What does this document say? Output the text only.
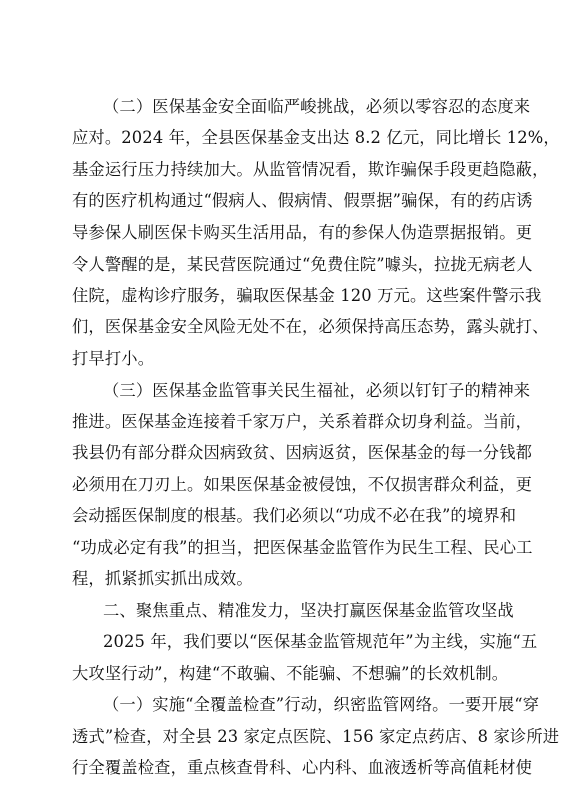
（二）医保基金安全面临严峻挑战，必须以零容忍的态度来
应对。2024 年，全县医保基金支出达 8.2 亿元，同比增长 12%，
基金运行压力持续加大。从监管情况看，欺诈骗保手段更趋隐蔽，
有的医疗机构通过“假病人、假病情、假票据”骗保，有的药店诱
导参保人刷医保卡购买生活用品，有的参保人伪造票据报销。更
令人警醒的是，某民营医院通过“免费住院”噱头，拉拢无病老人
住院，虚构诊疗服务，骗取医保基金 120 万元。这些案件警示我
们，医保基金安全风险无处不在，必须保持高压态势，露头就打、
打早打小。
（三）医保基金监管事关民生福祉，必须以钉钉子的精神来
推进。医保基金连接着千家万户，关系着群众切身利益。当前，
我县仍有部分群众因病致贫、因病返贫，医保基金的每一分钱都
必须用在刀刃上。如果医保基金被侵蚀，不仅损害群众利益，更
会动摇医保制度的根基。我们必须以“功成不必在我”的境界和
“功成必定有我”的担当，把医保基金监管作为民生工程、民心工
程，抓紧抓实抓出成效。
二、聚焦重点、精准发力，坚决打赢医保基金监管攻坚战
2025 年，我们要以“医保基金监管规范年”为主线，实施“五
大攻坚行动”，构建“不敢骗、不能骗、不想骗”的长效机制。
（一）实施“全覆盖检查”行动，织密监管网络。一要开展“穿
透式”检查，对全县 23 家定点医院、156 家定点药店、8 家诊所进
行全覆盖检查，重点核查骨科、心内科、血液透析等高值耗材使
